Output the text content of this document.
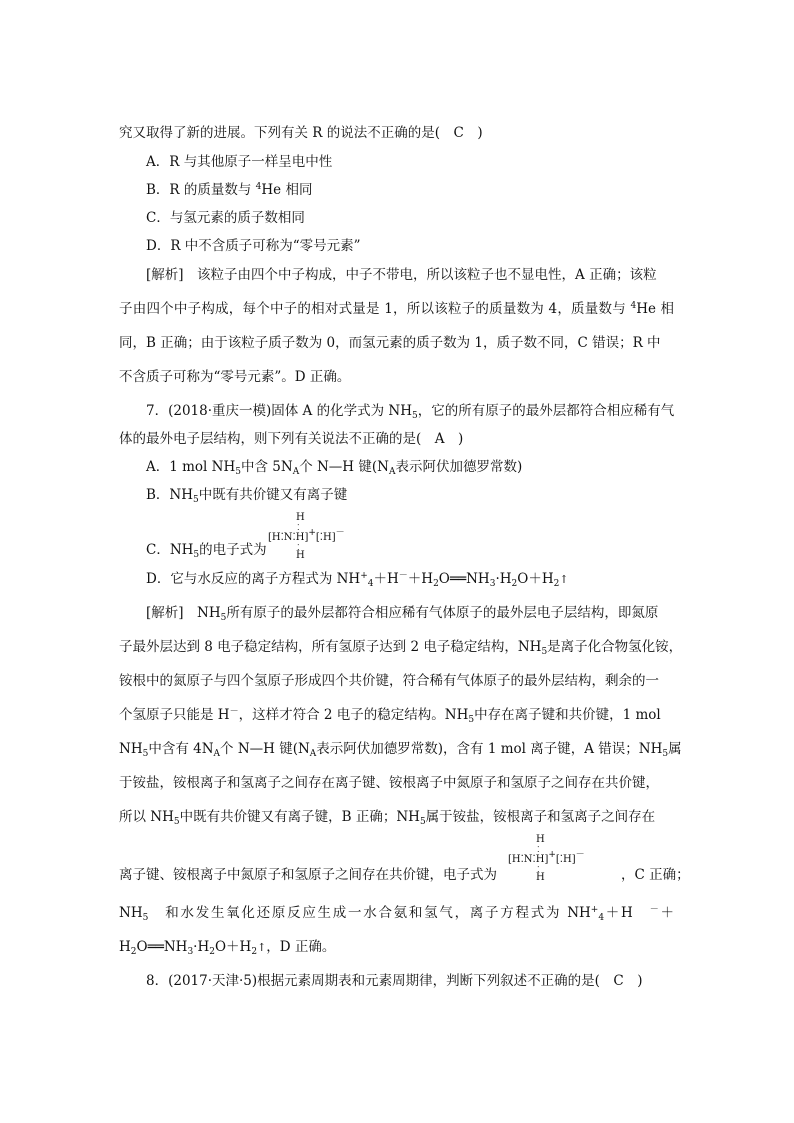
究又取得了新的进展。下列有关 R 的说法不正确的是(　C　)
A．R 与其他原子一样呈电中性
B．R 的质量数与 $^4$He 相同
C．与氢元素的质子数相同
D．R 中不含质子可称为“零号元素”
[解析]　 该粒子由四个中子构成，中子不带电，所以该粒子也不显电性，A 正确；该粒
子由四个中子构成，每个中子的相对式量是 1，所以该粒子的质量数为 4，质量数与 $^4$He 相
同，B 正确；由于该粒子质子数为 0，而氢元素的质子数为 1，质子数不同，C 错误；R 中
不含质子可称为“零号元素”。D 正确。
7．(2018·重庆一模)固体 A 的化学式为 $NH_5$，它的所有原子的最外层都符合相应稀有气
体的最外电子层结构，则下列有关说法不正确的是(　A　)
A．1 mol $NH_5$中含 $5N_A$个 N—H 键($N_A$表示阿伏加德罗常数)
B．$NH_5$中既有共价键又有离子键
H
⁚
[H⁚N⁚H]+[⁚H]－
⁚
H
C．$NH_5$的电子式为
D．它与水反应的离子方程式为 $NH^+_4+H^-+H_2O══NH_3\cdot H_2O+H_2↑$
[解析]　 $NH_5$所有原子的最外层都符合相应稀有气体原子的最外层电子层结构，即氮原
子最外层达到 8 电子稳定结构，所有氢原子达到 2 电子稳定结构，$NH_5$是离子化合物氢化铵，
铵根中的氮原子与四个氢原子形成四个共价键，符合稀有气体原子的最外层结构，剩余的一
个氢原子只能是 H－，这样才符合 2 电子的稳定结构。$NH_5$中存在离子键和共价键，1 mol
$NH_5$中含有 $4N_A$个 N—H 键($N_A$表示阿伏加德罗常数)，含有 1 mol 离子键，A 错误；$NH_5$属
于铵盐，铵根离子和氢离子之间存在离子键、铵根离子中氮原子和氢原子之间存在共价键，
所以 $NH_5$中既有共价键又有离子键，B 正确；$NH_5$属于铵盐，铵根离子和氢离子之间存在
H
⁚
[H⁚N⁚H]+[⁚H]－
⁚
H
离子键、铵根离子中氮原子和氢原子之间存在共价键，电子式为	，C 正确；
$NH_5$　和水发生氧化还原反应生成一水合氨和氢气，离子方程式为 $NH^+_4+H$　－＋
$H_2O══NH_3\cdot H_2O+H_2↑$，D 正确。
8．(2017·天津·5)根据元素周期表和元素周期律，判断下列叙述不正确的是(　C　)
